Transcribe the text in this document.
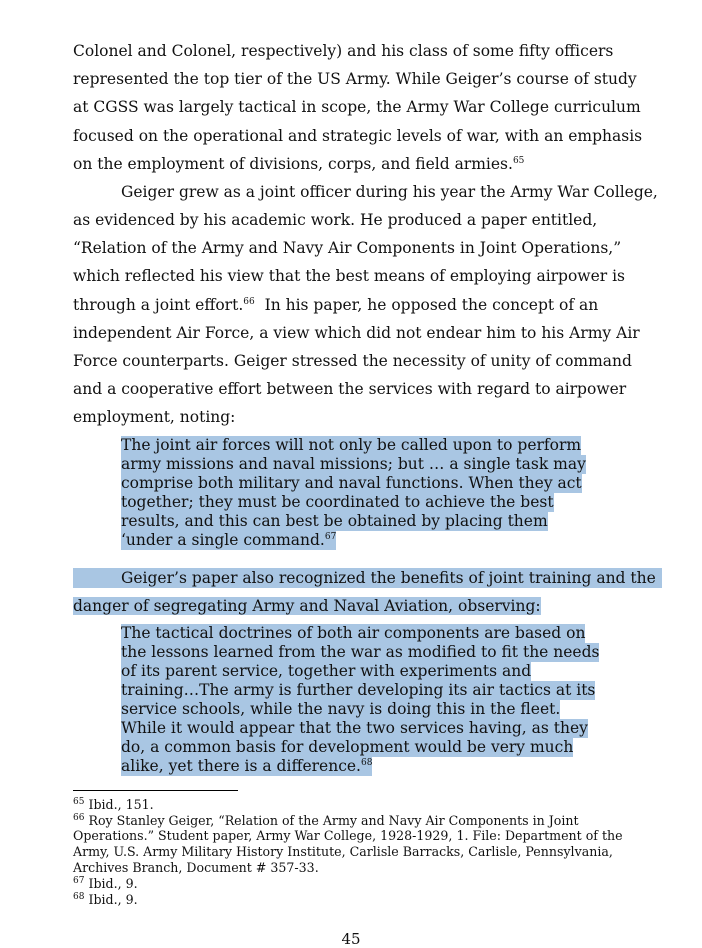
Colonel and Colonel, respectively) and his class of some fifty officers
represented the top tier of the US Army. While Geiger’s course of study
at CGSS was largely tactical in scope, the Army War College curriculum
focused on the operational and strategic levels of war, with an emphasis
on the employment of divisions, corps, and field armies.$^{65}$
Geiger grew as a joint officer during his year the Army War College,
as evidenced by his academic work. He produced a paper entitled,
“Relation of the Army and Navy Air Components in Joint Operations,”
which reflected his view that the best means of employing airpower is
through a joint effort.$^{66}$  In his paper, he opposed the concept of an
independent Air Force, a view which did not endear him to his Army Air
Force counterparts. Geiger stressed the necessity of unity of command
and a cooperative effort between the services with regard to airpower
employment, noting:
The joint air forces will not only be called upon to perform
army missions and naval missions; but … a single task may
comprise both military and naval functions. When they act
together; they must be coordinated to achieve the best
results, and this can best be obtained by placing them
‘under a single command.$^{67}$
Geiger’s paper also recognized the benefits of joint training and the
danger of segregating Army and Naval Aviation, observing:
The tactical doctrines of both air components are based on
the lessons learned from the war as modified to fit the needs
of its parent service, together with experiments and
training…The army is further developing its air tactics at its
service schools, while the navy is doing this in the fleet.
While it would appear that the two services having, as they
do, a common basis for development would be very much
alike, yet there is a difference.$^{68}$
$^{65}$ Ibid., 151.
$^{66}$ Roy Stanley Geiger, “Relation of the Army and Navy Air Components in Joint
Operations.” Student paper, Army War College, 1928-1929, 1. File: Department of the
Army, U.S. Army Military History Institute, Carlisle Barracks, Carlisle, Pennsylvania,
Archives Branch, Document # 357-33.
$^{67}$ Ibid., 9.
$^{68}$ Ibid., 9.
45
